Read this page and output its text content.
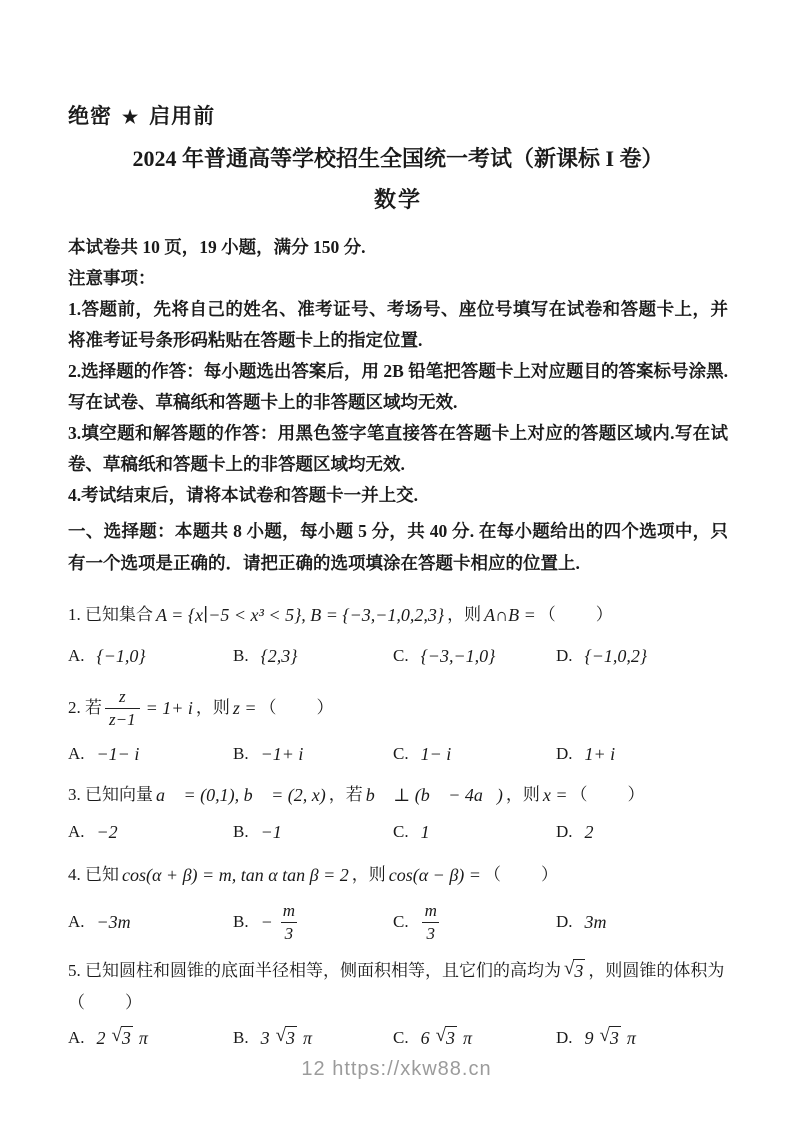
绝密 ★ 启用前
2024 年普通高等学校招生全国统一考试（新课标 I 卷）
数学
本试卷共 10 页，19 小题，满分 150 分.
注意事项：
1.答题前，先将自己的姓名、准考证号、考场号、座位号填写在试卷和答题卡上，并将准考证号条形码粘贴在答题卡上的指定位置.
2.选择题的作答：每小题选出答案后，用 2B 铅笔把答题卡上对应题目的答案标号涂黑.写在试卷、草稿纸和答题卡上的非答题区域均无效.
3.填空题和解答题的作答：用黑色签字笔直接答在答题卡上对应的答题区域内.写在试卷、草稿纸和答题卡上的非答题区域均无效.
4.考试结束后，请将本试卷和答题卡一并上交.
一、选择题：本题共 8 小题，每小题 5 分，共 40 分. 在每小题给出的四个选项中，只有一个选项是正确的．请把正确的选项填涂在答题卡相应的位置上.
1.
已知集合 A = {x∣−5 < x³ < 5}, B = {−3,−1,0,2,3} ，则 A∩B = （　　）
A. {−1,0}	B. {2,3}	C. {−3,−1,0}	D. {−1,0,2}
2.
若 $\frac{z}{z-1} = 1+ i$ ，则 z = （　　）
A. −1− i	B. −1+ i	C. 1− i	D. 1+ i
3.
已知向量 a⃗ = (0,1), b⃗ = (2, x) ，若 b⃗ ⊥ (b⃗ − 4a⃗) ，则 x = （　　）
A. −2	B. −1	C. 1	D. 2
4.
已知 cos(α + β) = m, tan α tan β = 2 ，则 cos(α − β) = （　　）
A. −3m	B. − $\frac{m}{3}$	C. $\frac{m}{3}$	D. 3m
5.
已知圆柱和圆锥的底面半径相等，侧面积相等，且它们的高均为 √ 3 ，则圆锥的体积为
（　　）
A. 2 √ 3 π	B. 3 √ 3 π	C. 6 √ 3 π	D. 9 √ 3 π
12 https://xkw88.cn
